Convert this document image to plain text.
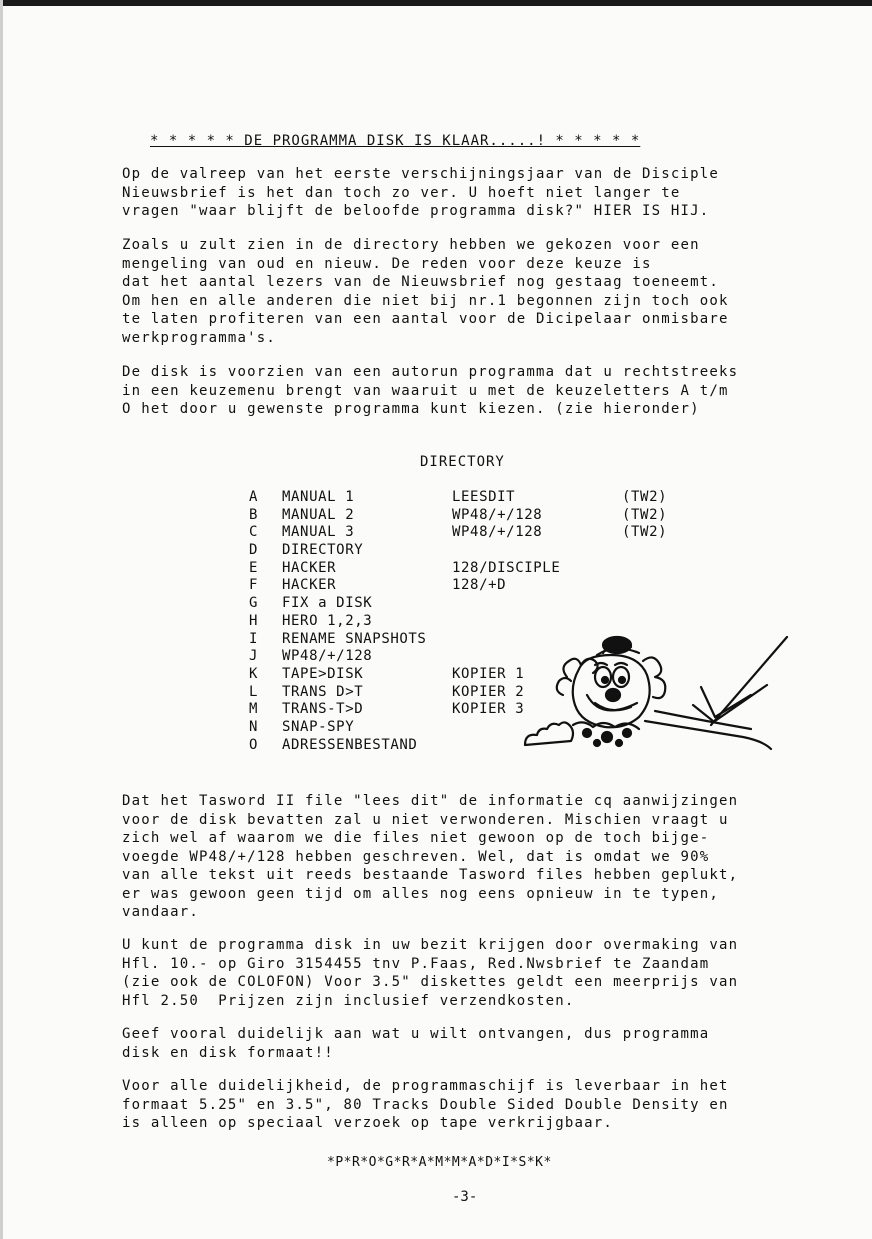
* * * * * DE PROGRAMMA DISK IS KLAAR.....! * * * * *
Op de valreep van het eerste verschijningsjaar van de Disciple
Nieuwsbrief is het dan toch zo ver. U hoeft niet langer te
vragen "waar blijft de beloofde programma disk?" HIER IS HIJ.
Zoals u zult zien in de directory hebben we gekozen voor een
mengeling van oud en nieuw. De reden voor deze keuze is
dat het aantal lezers van de Nieuwsbrief nog gestaag toeneemt.
Om hen en alle anderen die niet bij nr.1 begonnen zijn toch ook
te laten profiteren van een aantal voor de Dicipelaar onmisbare
werkprogramma's.
De disk is voorzien van een autorun programma dat u rechtstreeks
in een keuzemenu brengt van waaruit u met de keuzeletters A t/m
O het door u gewenste programma kunt kiezen. (zie hieronder)
DIRECTORY
A MANUAL 1	LEESDIT	(TW2)
B MANUAL 2	WP48/+/128	(TW2)
C MANUAL 3	WP48/+/128	(TW2)
D DIRECTORY
E HACKER	128/DISCIPLE
F HACKER	128/+D
G FIX a DISK
H HERO 1,2,3
I RENAME SNAPSHOTS
J WP48/+/128
K TAPE>DISK	KOPIER 1
L TRANS D>T	KOPIER 2
M TRANS-T>D	KOPIER 3
N SNAP-SPY
O ADRESSENBESTAND
Dat het Tasword II file "lees dit" de informatie cq aanwijzingen
voor de disk bevatten zal u niet verwonderen. Mischien vraagt u
zich wel af waarom we die files niet gewoon op de toch bijge-
voegde WP48/+/128 hebben geschreven. Wel, dat is omdat we 90%
van alle tekst uit reeds bestaande Tasword files hebben geplukt,
er was gewoon geen tijd om alles nog eens opnieuw in te typen,
vandaar.
U kunt de programma disk in uw bezit krijgen door overmaking van
Hfl. 10.- op Giro 3154455 tnv P.Faas, Red.Nwsbrief te Zaandam
(zie ook de COLOFON) Voor 3.5" diskettes geldt een meerprijs van
Hfl 2.50  Prijzen zijn inclusief verzendkosten.
Geef vooral duidelijk aan wat u wilt ontvangen, dus programma
disk en disk formaat!!
Voor alle duidelijkheid, de programmaschijf is leverbaar in het
formaat 5.25" en 3.5", 80 Tracks Double Sided Double Density en
is alleen op speciaal verzoek op tape verkrijgbaar.
*P*R*O*G*R*A*M*M*A*D*I*S*K*
-3-
